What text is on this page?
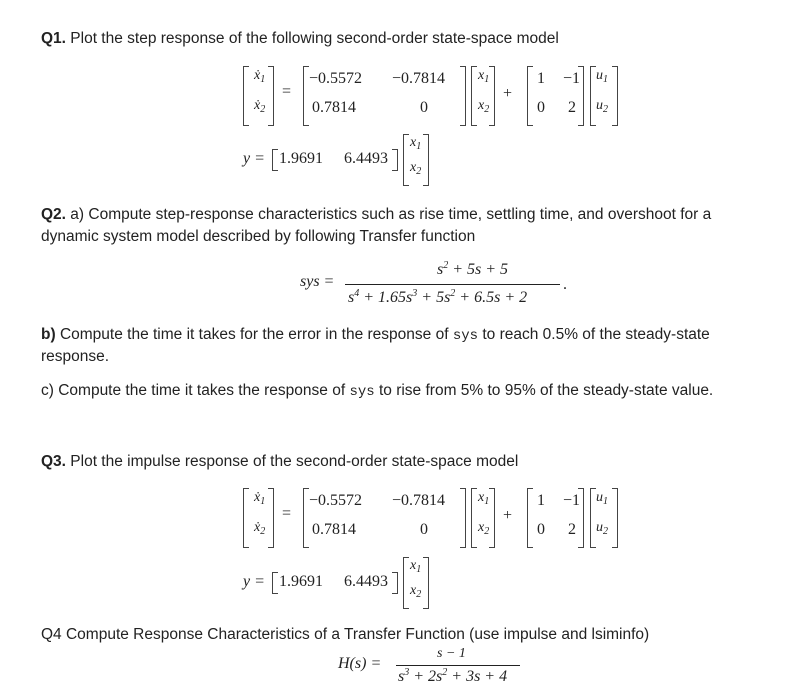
Q1. Plot the step response of the following second-order state-space model
ẋ$_1$
ẋ$_2$
=
−0.5572 −0.7814
0.7814	0
$x_1$
$x_2$
+
1 −1
0 2
$u_1$
$u_2$
y = 1.9691 6.4493
$x_1$
$x_2$
Q2. a) Compute step-response characteristics such as rise time, settling time, and overshoot for a
dynamic system model described by following Transfer function
sys =
$s^2 + 5s + 5$
$s^4 + 1.65s^3 + 5s^2 + 6.5s + 2$
.
b) Compute the time it takes for the error in the response of sys to reach 0.5% of the steady-state
response.
c) Compute the time it takes the response of sys to rise from 5% to 95% of the steady-state value.
Q3. Plot the impulse response of the second-order state-space model
ẋ$_1$
ẋ$_2$
=
−0.5572 −0.7814
0.7814	0
$x_1$
$x_2$
+
1 −1
0 2
$u_1$
$u_2$
y = 1.9691 6.4493
$x_1$
$x_2$
Q4 Compute Response Characteristics of a Transfer Function (use impulse and lsiminfo)
H(s) =
s − 1
$s^3 + 2s^2 + 3s + 4$
